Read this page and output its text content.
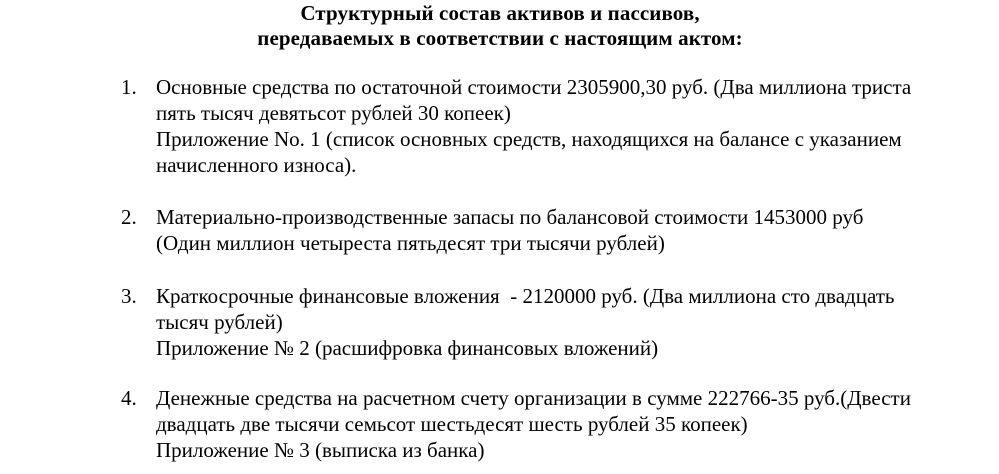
Структурный состав активов и пассивов,
передаваемых в соответствии с настоящим актом:
1. Основные средства по остаточной стоимости 2305900,30 руб. (Два миллиона триста
пять тысяч девятьсот рублей 30 копеек)
Приложение No. 1 (список основных средств, находящихся на балансе с указанием
начисленного износа).
2. Материально-производственные запасы по балансовой стоимости 1453000 руб
(Один миллион четыреста пятьдесят три тысячи рублей)
3. Краткосрочные финансовые вложения  - 2120000 руб. (Два миллиона сто двадцать
тысяч рублей)
Приложение № 2 (расшифровка финансовых вложений)
4. Денежные средства на расчетном счету организации в сумме 222766-35 руб.(Двести
двадцать две тысячи семьсот шестьдесят шесть рублей 35 копеек)
Приложение № 3 (выписка из банка)
